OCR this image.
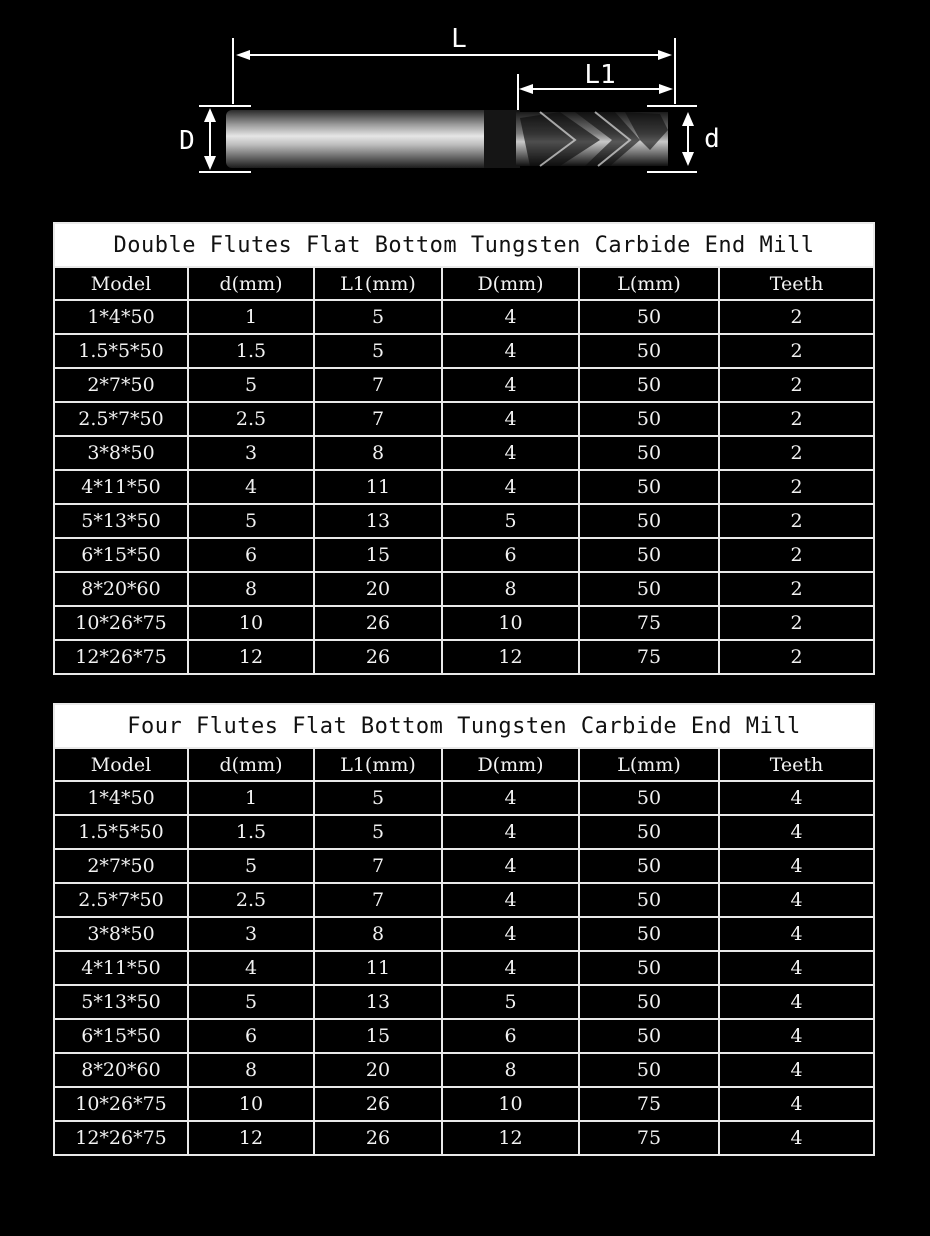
L
L1
D	d
Double Flutes Flat Bottom Tungsten Carbide End Mill					
Model	d(mm)	L1(mm)	D(mm)	L(mm)	Teeth
1*4*50	1	5	4	50	2
1.5*5*50	1.5	5	4	50	2
2*7*50	5	7	4	50	2
2.5*7*50	2.5	7	4	50	2
3*8*50	3	8	4	50	2
4*11*50	4	11	4	50	2
5*13*50	5	13	5	50	2
6*15*50	6	15	6	50	2
8*20*60	8	20	8	50	2
10*26*75	10	26	10	75	2
12*26*75	12	26	12	75	2
Four Flutes Flat Bottom Tungsten Carbide End Mill					
Model	d(mm)	L1(mm)	D(mm)	L(mm)	Teeth
1*4*50	1	5	4	50	4
1.5*5*50	1.5	5	4	50	4
2*7*50	5	7	4	50	4
2.5*7*50	2.5	7	4	50	4
3*8*50	3	8	4	50	4
4*11*50	4	11	4	50	4
5*13*50	5	13	5	50	4
6*15*50	6	15	6	50	4
8*20*60	8	20	8	50	4
10*26*75	10	26	10	75	4
12*26*75	12	26	12	75	4
